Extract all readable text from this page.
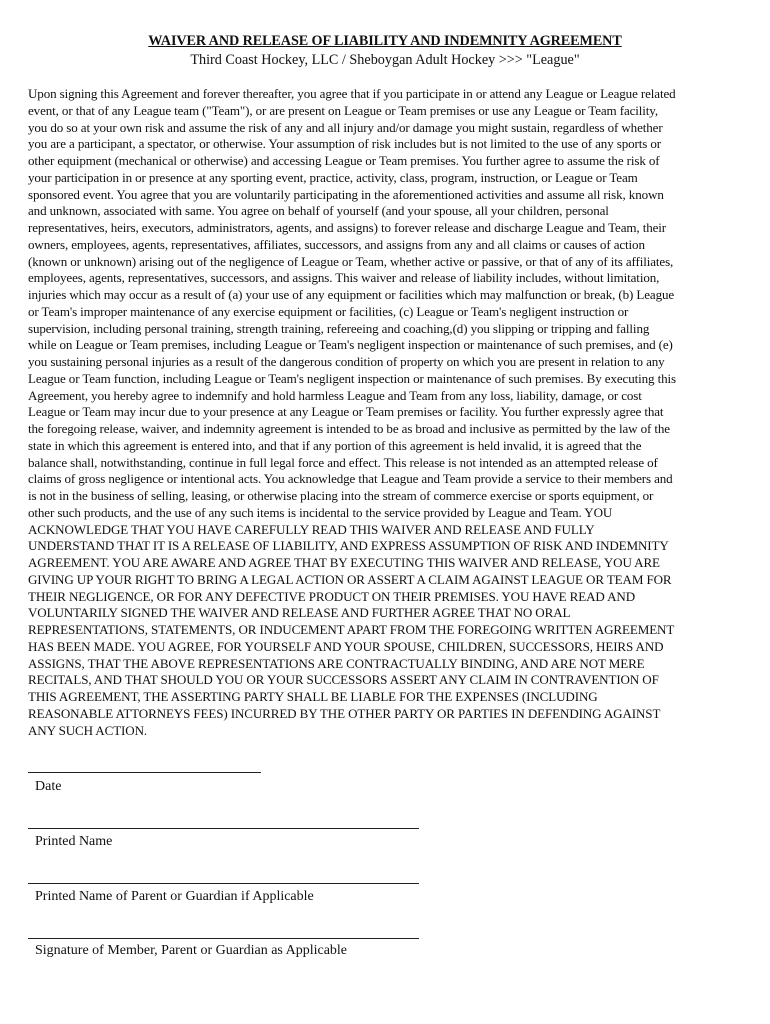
WAIVER AND RELEASE OF LIABILITY AND INDEMNITY AGREEMENT
Third Coast Hockey, LLC / Sheboygan Adult Hockey >>> "League"

Upon signing this Agreement and forever thereafter, you agree that if you participate in or attend any League or League related
event, or that of any League team ("Team"), or are present on League or Team premises or use any League or Team facility,
you do so at your own risk and assume the risk of any and all injury and/or damage you might sustain, regardless of whether
you are a participant, a spectator, or otherwise. Your assumption of risk includes but is not limited to the use of any sports or
other equipment (mechanical or otherwise) and accessing League or Team premises. You further agree to assume the risk of
your participation in or presence at any sporting event, practice, activity, class, program, instruction, or League or Team
sponsored event. You agree that you are voluntarily participating in the aforementioned activities and assume all risk, known
and unknown, associated with same. You agree on behalf of yourself (and your spouse, all your children, personal
representatives, heirs, executors, administrators, agents, and assigns) to forever release and discharge League and Team, their
owners, employees, agents, representatives, affiliates, successors, and assigns from any and all claims or causes of action
(known or unknown) arising out of the negligence of League or Team, whether active or passive, or that of any of its affiliates,
employees, agents, representatives, successors, and assigns. This waiver and release of liability includes, without limitation,
injuries which may occur as a result of (a) your use of any equipment or facilities which may malfunction or break, (b) League
or Team's improper maintenance of any exercise equipment or facilities, (c) League or Team's negligent instruction or
supervision, including personal training, strength training, refereeing and coaching,(d) you slipping or tripping and falling
while on League or Team premises, including League or Team's negligent inspection or maintenance of such premises, and (e)
you sustaining personal injuries as a result of the dangerous condition of property on which you are present in relation to any
League or Team function, including League or Team's negligent inspection or maintenance of such premises. By executing this
Agreement, you hereby agree to indemnify and hold harmless League and Team from any loss, liability, damage, or cost
League or Team may incur due to your presence at any League or Team premises or facility. You further expressly agree that
the foregoing release, waiver, and indemnity agreement is intended to be as broad and inclusive as permitted by the law of the
state in which this agreement is entered into, and that if any portion of this agreement is held invalid, it is agreed that the
balance shall, notwithstanding, continue in full legal force and effect. This release is not intended as an attempted release of
claims of gross negligence or intentional acts. You acknowledge that League and Team provide a service to their members and
is not in the business of selling, leasing, or otherwise placing into the stream of commerce exercise or sports equipment, or
other such products, and the use of any such items is incidental to the service provided by League and Team. YOU
ACKNOWLEDGE THAT YOU HAVE CAREFULLY READ THIS WAIVER AND RELEASE AND FULLY
UNDERSTAND THAT IT IS A RELEASE OF LIABILITY, AND EXPRESS ASSUMPTION OF RISK AND INDEMNITY
AGREEMENT. YOU ARE AWARE AND AGREE THAT BY EXECUTING THIS WAIVER AND RELEASE, YOU ARE
GIVING UP YOUR RIGHT TO BRING A LEGAL ACTION OR ASSERT A CLAIM AGAINST LEAGUE OR TEAM FOR
THEIR NEGLIGENCE, OR FOR ANY DEFECTIVE PRODUCT ON THEIR PREMISES. YOU HAVE READ AND
VOLUNTARILY SIGNED THE WAIVER AND RELEASE AND FURTHER AGREE THAT NO ORAL
REPRESENTATIONS, STATEMENTS, OR INDUCEMENT APART FROM THE FOREGOING WRITTEN AGREEMENT
HAS BEEN MADE. YOU AGREE, FOR YOURSELF AND YOUR SPOUSE, CHILDREN, SUCCESSORS, HEIRS AND
ASSIGNS, THAT THE ABOVE REPRESENTATIONS ARE CONTRACTUALLY BINDING, AND ARE NOT MERE
RECITALS, AND THAT SHOULD YOU OR YOUR SUCCESSORS ASSERT ANY CLAIM IN CONTRAVENTION OF
THIS AGREEMENT, THE ASSERTING PARTY SHALL BE LIABLE FOR THE EXPENSES (INCLUDING
REASONABLE ATTORNEYS FEES) INCURRED BY THE OTHER PARTY OR PARTIES IN DEFENDING AGAINST
ANY SUCH ACTION.

Date
Printed Name
Printed Name of Parent or Guardian if Applicable
Signature of Member, Parent or Guardian as Applicable
